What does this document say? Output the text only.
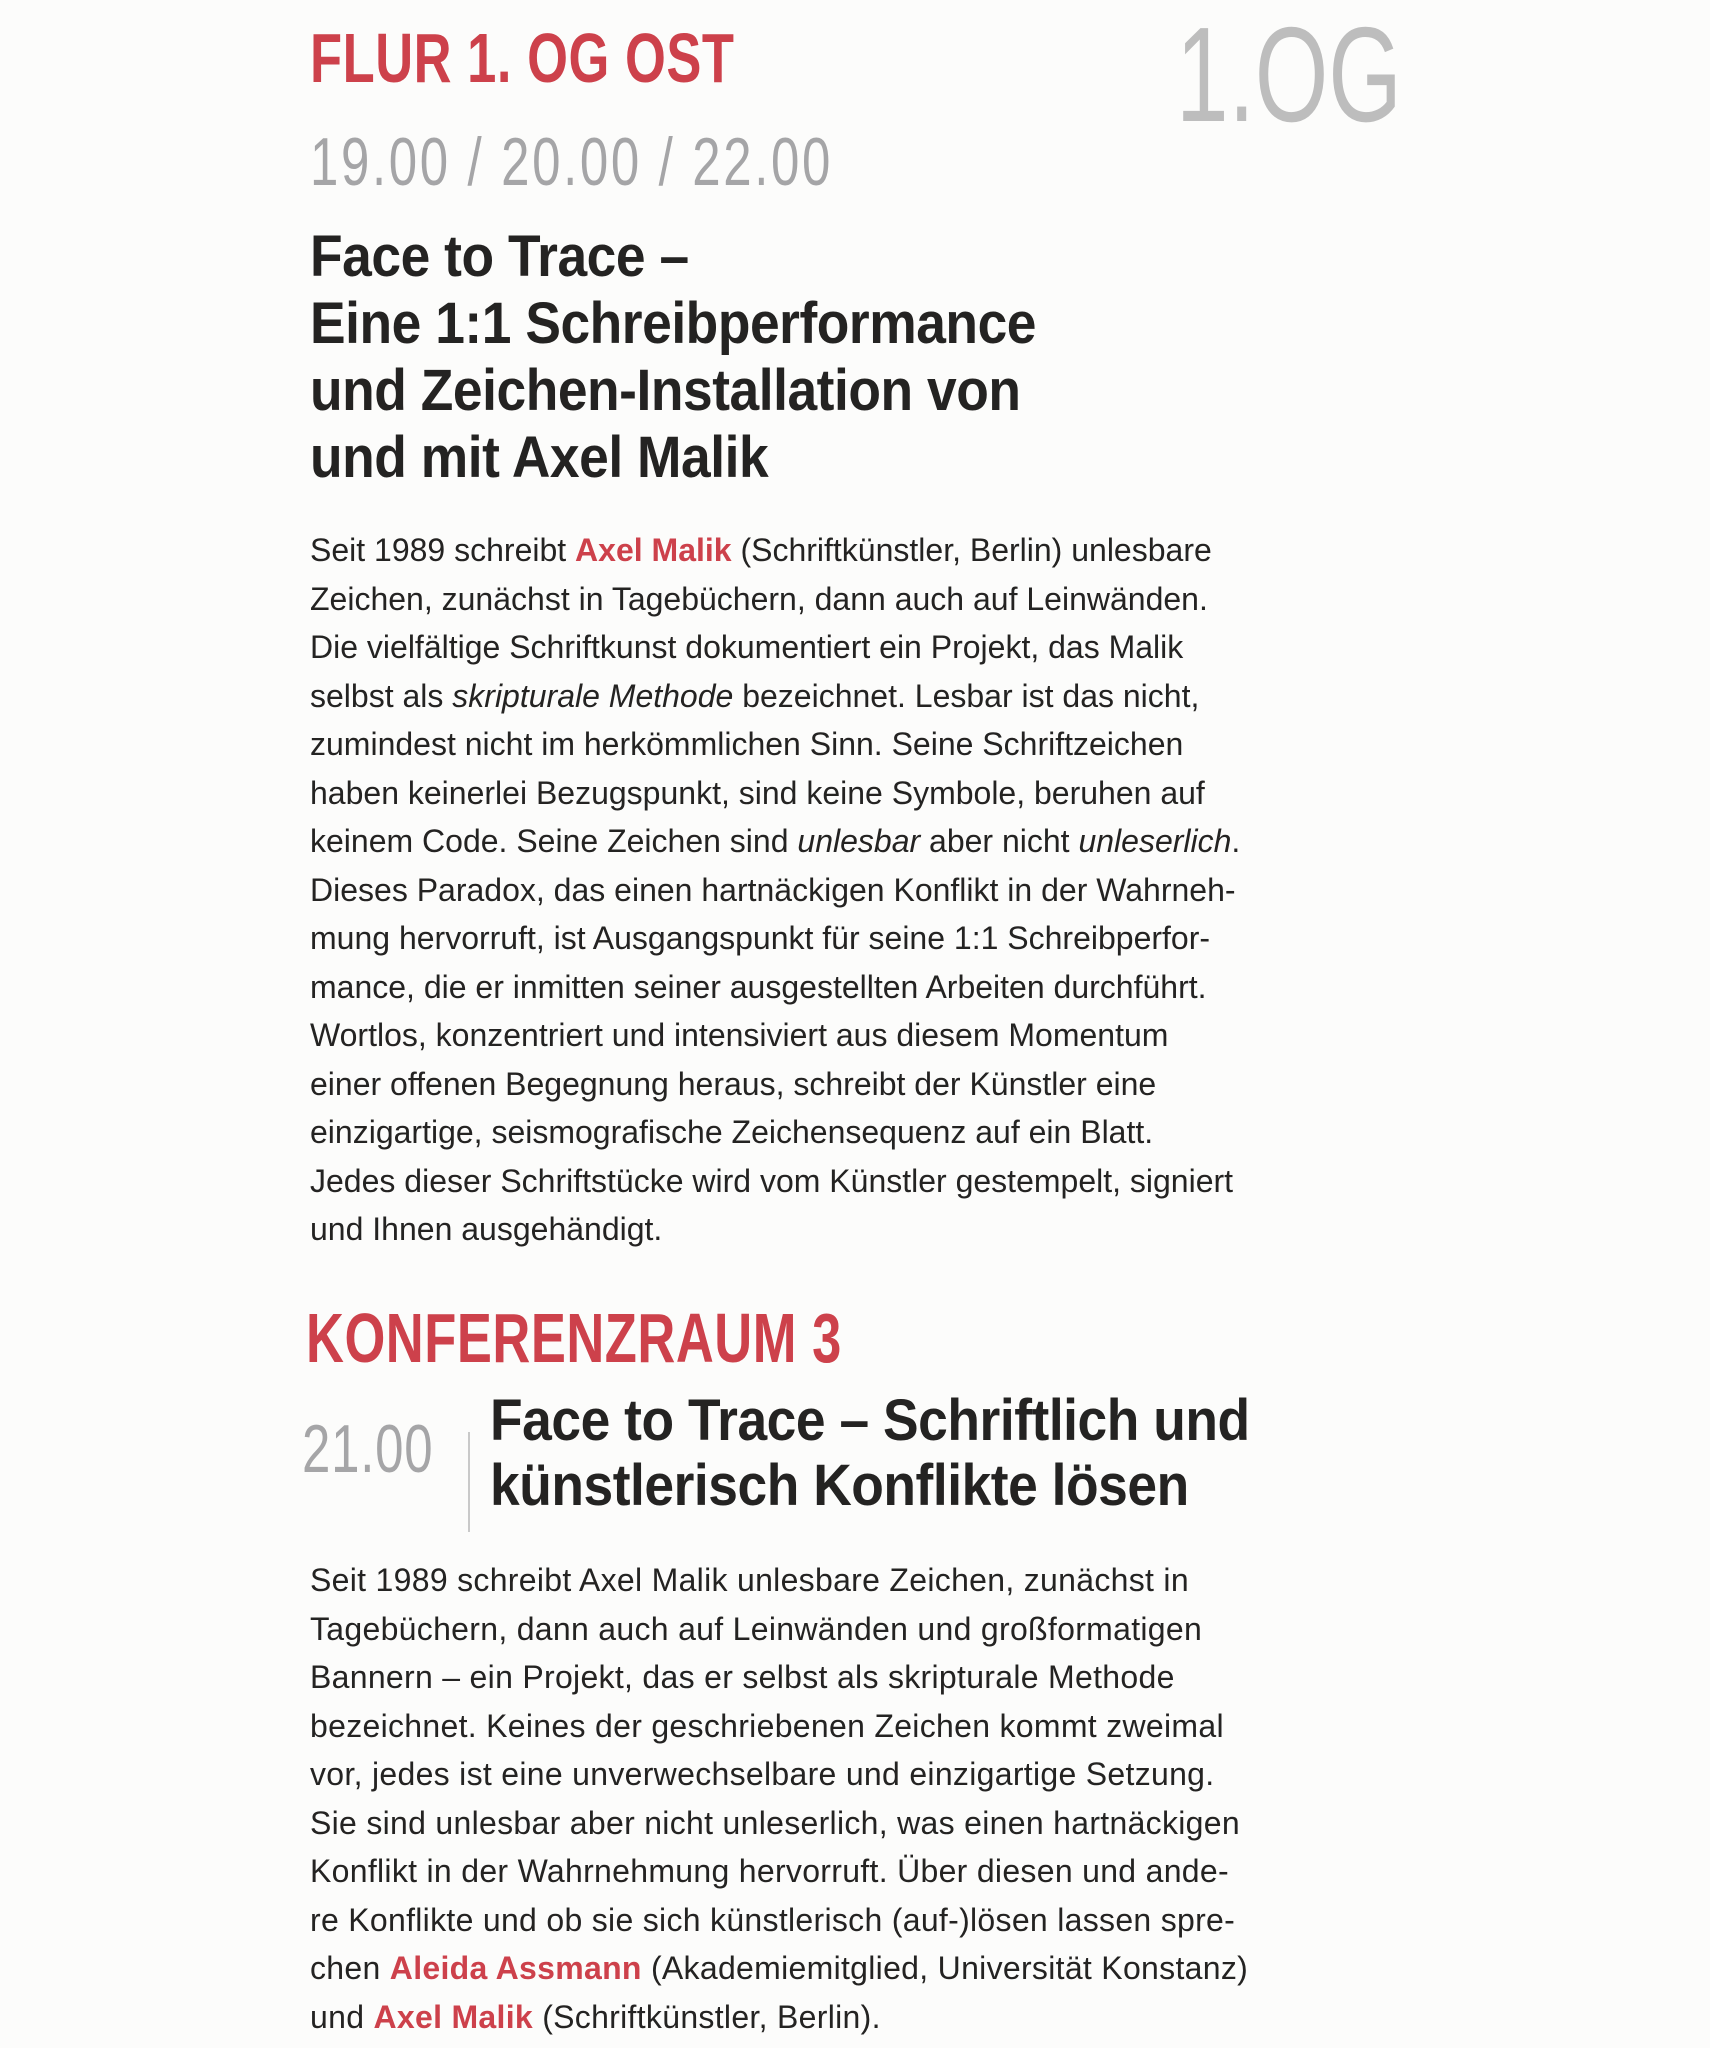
FLUR 1. OG OST
19.00 / 20.00 / 22.00
1.OG
Face to Trace –
Eine 1:1 Schreibperformance
und Zeichen-Installation von
und mit Axel Malik
Seit 1989 schreibt Axel Malik (Schriftkünstler, Berlin) unlesbare
Zeichen, zunächst in Tagebüchern, dann auch auf Leinwänden.
Die vielfältige Schriftkunst dokumentiert ein Projekt, das Malik
selbst als skripturale Methode bezeichnet. Lesbar ist das nicht,
zumindest nicht im herkömmlichen Sinn. Seine Schriftzeichen
haben keinerlei Bezugspunkt, sind keine Symbole, beruhen auf
keinem Code. Seine Zeichen sind unlesbar aber nicht unleserlich.
Dieses Paradox, das einen hartnäckigen Konflikt in der Wahrneh-
mung hervorruft, ist Ausgangspunkt für seine 1:1 Schreibperfor-
mance, die er inmitten seiner ausgestellten Arbeiten durchführt.
Wortlos, konzentriert und intensiviert aus diesem Momentum
einer offenen Begegnung heraus, schreibt der Künstler eine
einzigartige, seismografische Zeichensequenz auf ein Blatt.
Jedes dieser Schriftstücke wird vom Künstler gestempelt, signiert
und Ihnen ausgehändigt.
KONFERENZRAUM 3
21.00 Face to Trace – Schriftlich und
künstlerisch Konflikte lösen
Seit 1989 schreibt Axel Malik unlesbare Zeichen, zunächst in
Tagebüchern, dann auch auf Leinwänden und großformatigen
Bannern – ein Projekt, das er selbst als skripturale Methode
bezeichnet. Keines der geschriebenen Zeichen kommt zweimal
vor, jedes ist eine unverwechselbare und einzigartige Setzung.
Sie sind unlesbar aber nicht unleserlich, was einen hartnäckigen
Konflikt in der Wahrnehmung hervorruft. Über diesen und ande-
re Konflikte und ob sie sich künstlerisch (auf-)lösen lassen spre-
chen Aleida Assmann (Akademiemitglied, Universität Konstanz)
und Axel Malik (Schriftkünstler, Berlin).
